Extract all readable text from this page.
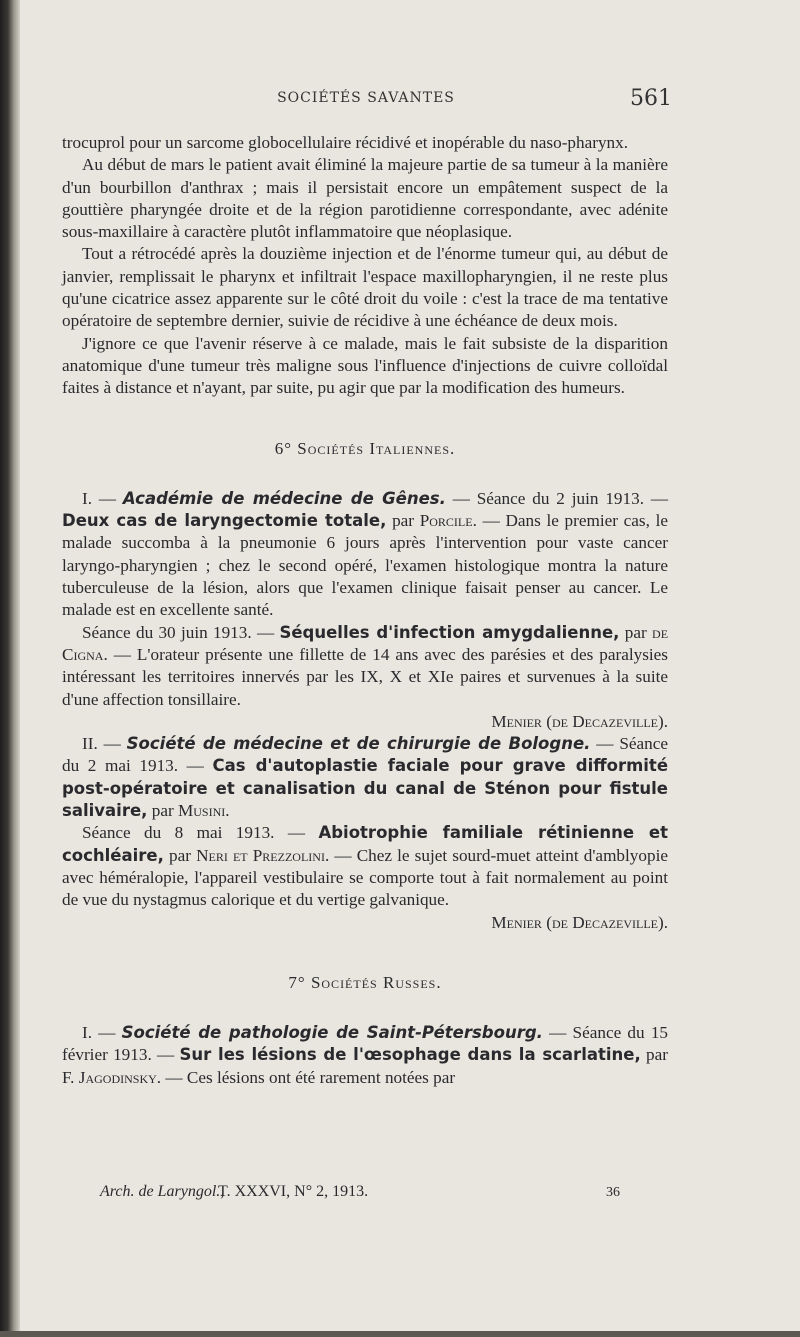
SOCIÉTÉS SAVANTES	561

trocuprol pour un sarcome globocellulaire récidivé et inopérable du naso-pharynx.

Au début de mars le patient avait éliminé la majeure partie de sa tumeur à la manière d'un bourbillon d'anthrax ; mais il persistait encore un empâtement suspect de la gouttière pharyngée droite et de la région parotidienne correspondante, avec adénite sous-maxillaire à caractère plutôt inflammatoire que néoplasique.

Tout a rétrocédé après la douzième injection et de l'énorme tumeur qui, au début de janvier, remplissait le pharynx et infiltrait l'espace maxillopharyngien, il ne reste plus qu'une cicatrice assez apparente sur le côté droit du voile : c'est la trace de ma tentative opératoire de septembre dernier, suivie de récidive à une échéance de deux mois.

J'ignore ce que l'avenir réserve à ce malade, mais le fait subsiste de la disparition anatomique d'une tumeur très maligne sous l'influence d'injections de cuivre colloïdal faites à distance et n'ayant, par suite, pu agir que par la modification des humeurs.

6° Sociétés Italiennes.

I. — Académie de médecine de Gênes. — Séance du 2 juin 1913. — Deux cas de laryngectomie totale, par Porcile. — Dans le premier cas, le malade succomba à la pneumonie 6 jours après l'intervention pour vaste cancer laryngo-pharyngien ; chez le second opéré, l'examen histologique montra la nature tuberculeuse de la lésion, alors que l'examen clinique faisait penser au cancer. Le malade est en excellente santé.

Séance du 30 juin 1913. — Séquelles d'infection amygdalienne, par de Cigna. — L'orateur présente une fillette de 14 ans avec des parésies et des paralysies intéressant les territoires innervés par les IX, X et XIe paires et survenues à la suite d'une affection tonsillaire.

Menier (de Decazeville).

II. — Société de médecine et de chirurgie de Bologne. — Séance du 2 mai 1913. — Cas d'autoplastie faciale pour grave difformité post-opératoire et canalisation du canal de Sténon pour fistule salivaire, par Musini.

Séance du 8 mai 1913. — Abiotrophie familiale rétinienne et cochléaire, par Neri et Prezzolini. — Chez le sujet sourd-muet atteint d'amblyopie avec héméralopie, l'appareil vestibulaire se comporte tout à fait normalement au point de vue du nystagmus calorique et du vertige galvanique.

Menier (de Decazeville).

7° Sociétés Russes.

I. — Société de pathologie de Saint-Pétersbourg. — Séance du 15 février 1913. — Sur les lésions de l'œsophage dans la scarlatine, par F. Jagodinsky. — Ces lésions ont été rarement notées par

Arch. de Laryngol.,
T. XXXVI, N° 2, 1913.	36
